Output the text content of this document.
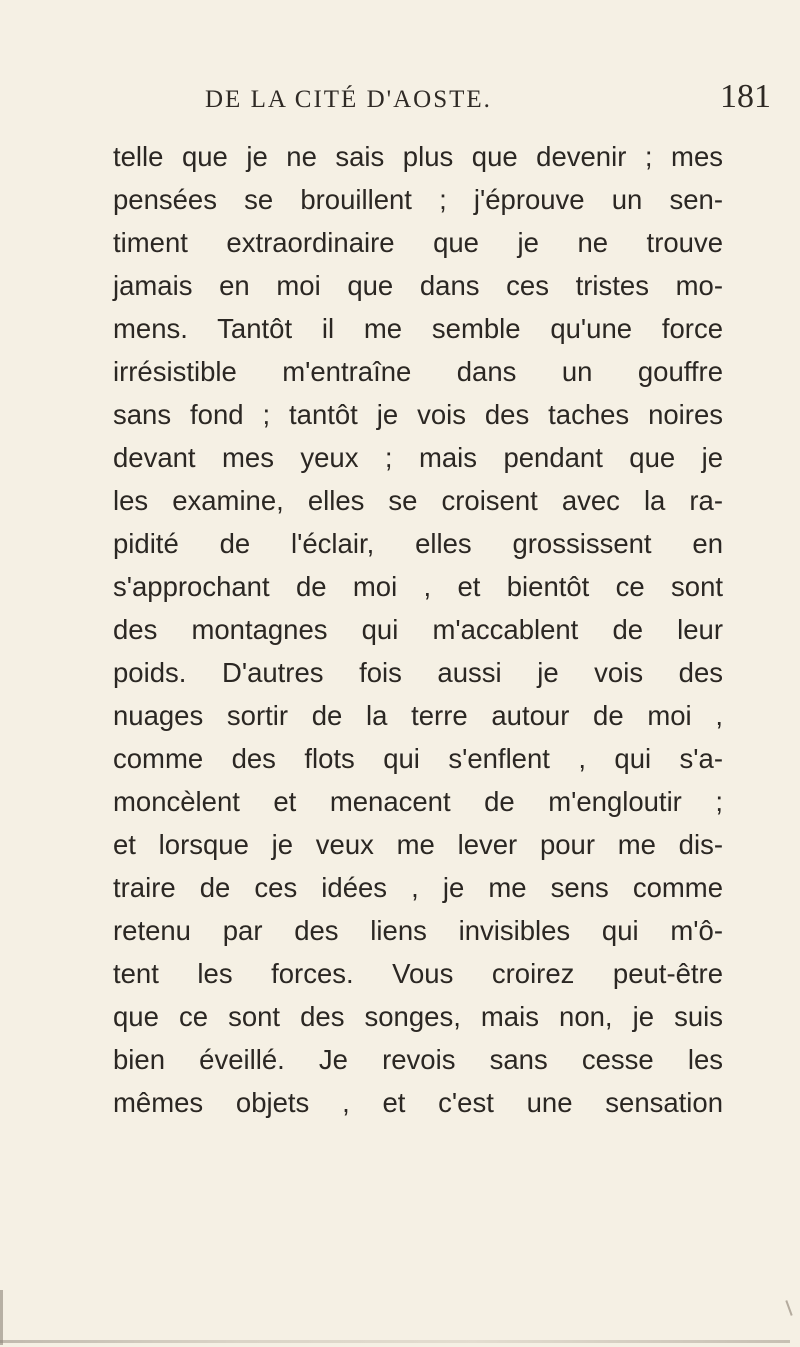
DE LA CITÉ D'AOSTE.	181
telle que je ne sais plus que devenir ; mes
pensées se brouillent ; j'éprouve un sen-
timent extraordinaire que je ne trouve
jamais en moi que dans ces tristes mo-
mens. Tantôt il me semble qu'une force
irrésistible m'entraîne dans un gouffre
sans fond ; tantôt je vois des taches noires
devant mes yeux ; mais pendant que je
les examine, elles se croisent avec la ra-
pidité de l'éclair, elles grossissent en
s'approchant de moi , et bientôt ce sont
des montagnes qui m'accablent de leur
poids. D'autres fois aussi je vois des
nuages sortir de la terre autour de moi ,
comme des flots qui s'enflent , qui s'a-
moncèlent et menacent de m'engloutir ;
et lorsque je veux me lever pour me dis-
traire de ces idées , je me sens comme
retenu par des liens invisibles qui m'ô-
tent les forces. Vous croirez peut-être
que ce sont des songes, mais non, je suis
bien éveillé. Je revois sans cesse les
mêmes objets , et c'est une sensation
